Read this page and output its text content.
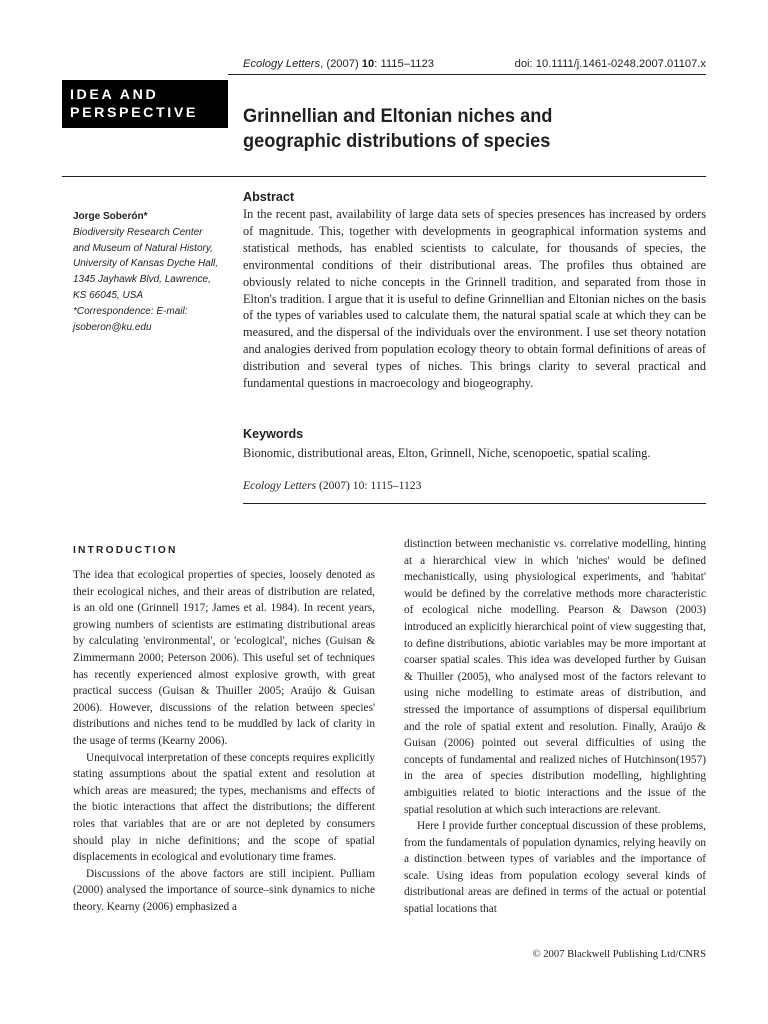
Ecology Letters, (2007) 10: 1115–1123	doi: 10.1111/j.1461-0248.2007.01107.x
IDEA AND
PERSPECTIVE	Grinnellian and Eltonian niches and geographic distributions of species
Jorge Soberón*
Biodiversity Research Center
and Museum of Natural History,
University of Kansas Dyche Hall,
1345 Jayhawk Blvd, Lawrence,
KS 66045, USA
*Correspondence: E-mail:
jsoberon@ku.edu
Abstract

In the recent past, availability of large data sets of species presences has increased by orders of magnitude. This, together with developments in geographical information systems and statistical methods, has enabled scientists to calculate, for thousands of species, the environmental conditions of their distributional areas. The profiles thus obtained are obviously related to niche concepts in the Grinnell tradition, and separated from those in Elton's tradition. I argue that it is useful to define Grinnellian and Eltonian niches on the basis of the types of variables used to calculate them, the natural spatial scale at which they can be measured, and the dispersal of the individuals over the environment. I use set theory notation and analogies derived from population ecology theory to obtain formal definitions of areas of distribution and several types of niches. This brings clarity to several practical and fundamental questions in macroecology and biogeography.

Keywords

Bionomic, distributional areas, Elton, Grinnell, Niche, scenopoetic, spatial scaling.

Ecology Letters (2007) 10: 1115–1123
INTRODUCTION

The idea that ecological properties of species, loosely denoted as their ecological niches, and their areas of distribution are related, is an old one (Grinnell 1917; James et al. 1984). In recent years, growing numbers of scientists are estimating distributional areas by calculating 'environmental', or 'ecological', niches (Guisan & Zimmermann 2000; Peterson 2006). This useful set of techniques has recently experienced almost explosive growth, with great practical success (Guisan & Thuiller 2005; Araújo & Guisan 2006). However, discussions of the relation between species' distributions and niches tend to be muddled by lack of clarity in the usage of terms (Kearny 2006).

Unequivocal interpretation of these concepts requires explicitly stating assumptions about the spatial extent and resolution at which areas are measured; the types, mechanisms and effects of the biotic interactions that affect the distributions; the different roles that variables that are or are not depleted by consumers should play in niche definitions; and the scope of spatial displacements in ecological and evolutionary time frames.

Discussions of the above factors are still incipient. Pulliam (2000) analysed the importance of source–sink dynamics to niche theory. Kearny (2006) emphasized a

distinction between mechanistic vs. correlative modelling, hinting at a hierarchical view in which 'niches' would be defined mechanistically, using physiological experiments, and 'habitat' would be defined by the correlative methods more characteristic of ecological niche modelling. Pearson & Dawson (2003) introduced an explicitly hierarchical point of view suggesting that, to define distributions, abiotic variables may be more important at coarser spatial scales. This idea was developed further by Guisan & Thuiller (2005), who analysed most of the factors relevant to using niche modelling to estimate areas of distribution, and stressed the importance of assumptions of dispersal equilibrium and the role of spatial extent and resolution. Finally, Araújo & Guisan (2006) pointed out several difficulties of using the concepts of fundamental and realized niches of Hutchinson(1957) in the area of species distribution modelling, highlighting ambiguities related to biotic interactions and the issue of the spatial resolution at which such interactions are relevant.

Here I provide further conceptual discussion of these problems, from the fundamentals of population dynamics, relying heavily on a distinction between types of variables and the importance of scale. Using ideas from population ecology several kinds of distributional areas are defined in terms of the actual or potential spatial locations that

© 2007 Blackwell Publishing Ltd/CNRS
